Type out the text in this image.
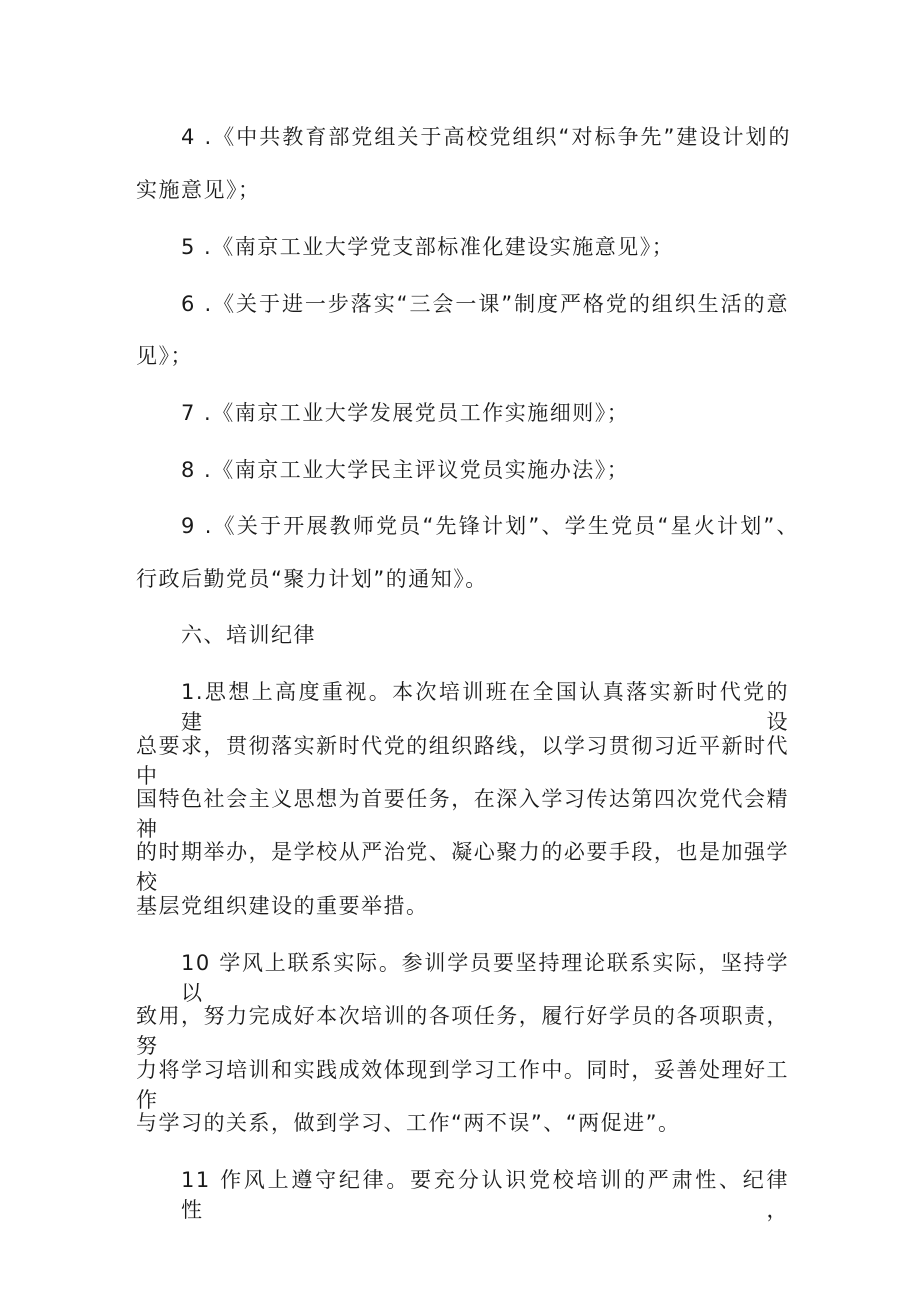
4 .《中共教育部党组关于高校党组织“对标争先”建设计划的
实施意见》；
5 .《南京工业大学党支部标准化建设实施意见》；
6 .《关于进一步落实“三会一课”制度严格党的组织生活的意
见》；
7 .《南京工业大学发展党员工作实施细则》；
8 .《南京工业大学民主评议党员实施办法》；
9 .《关于开展教师党员“先锋计划”、学生党员“星火计划”、
行政后勤党员“聚力计划”的通知》。
六、培训纪律
1.思想上高度重视。本次培训班在全国认真落实新时代党的建设
总要求，贯彻落实新时代党的组织路线，以学习贯彻习近平新时代中
国特色社会主义思想为首要任务，在深入学习传达第四次党代会精神
的时期举办，是学校从严治党、凝心聚力的必要手段，也是加强学校
基层党组织建设的重要举措。
10 学风上联系实际。参训学员要坚持理论联系实际，坚持学以
致用，努力完成好本次培训的各项任务，履行好学员的各项职责，努
力将学习培训和实践成效体现到学习工作中。同时，妥善处理好工作
与学习的关系，做到学习、工作“两不误”、“两促进”。
11 作风上遵守纪律。要充分认识党校培训的严肃性、纪律性，
